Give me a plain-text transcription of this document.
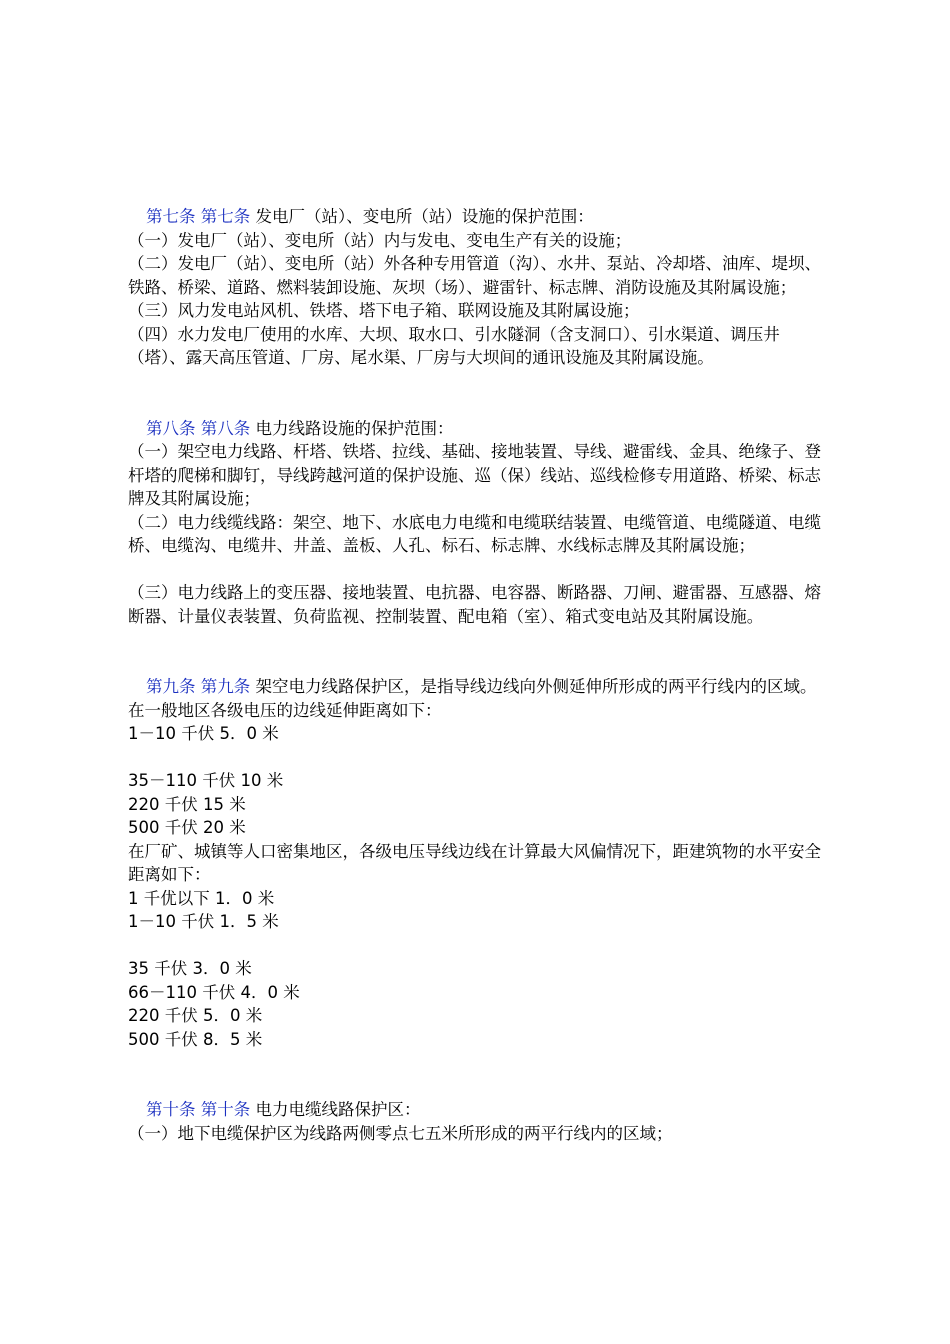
第七条 第七条 发电厂（站）、变电所（站）设施的保护范围：
（一）发电厂（站）、变电所（站）内与发电、变电生产有关的设施；
（二）发电厂（站）、变电所（站）外各种专用管道（沟）、水井、泵站、冷却塔、油库、堤坝、铁路、桥梁、道路、燃料装卸设施、灰坝（场）、避雷针、标志牌、消防设施及其附属设施；
（三）风力发电站风机、铁塔、塔下电子箱、联网设施及其附属设施；
（四）水力发电厂使用的水库、大坝、取水口、引水隧洞（含支洞口）、引水渠道、调压井（塔）、露天高压管道、厂房、尾水渠、厂房与大坝间的通讯设施及其附属设施。
第八条 第八条 电力线路设施的保护范围：
（一）架空电力线路、杆塔、铁塔、拉线、基础、接地装置、导线、避雷线、金具、绝缘子、登杆塔的爬梯和脚钉，导线跨越河道的保护设施、巡（保）线站、巡线检修专用道路、桥梁、标志牌及其附属设施；
（二）电力线缆线路：架空、地下、水底电力电缆和电缆联结装置、电缆管道、电缆隧道、电缆桥、电缆沟、电缆井、井盖、盖板、人孔、标石、标志牌、水线标志牌及其附属设施；
（三）电力线路上的变压器、接地装置、电抗器、电容器、断路器、刀闸、避雷器、互感器、熔断器、计量仪表装置、负荷监视、控制装置、配电箱（室）、箱式变电站及其附属设施。
第九条 第九条 架空电力线路保护区，是指导线边线向外侧延伸所形成的两平行线内的区域。
在一般地区各级电压的边线延伸距离如下：
1－10 千伏 5．0 米
35－110 千伏 10 米
220 千伏 15 米
500 千伏 20 米
在厂矿、城镇等人口密集地区，各级电压导线边线在计算最大风偏情况下，距建筑物的水平安全距离如下：
1 千优以下 1．0 米
1－10 千伏 1．5 米
35 千伏 3．0 米
66－110 千伏 4．0 米
220 千伏 5．0 米
500 千伏 8．5 米
第十条 第十条 电力电缆线路保护区：
（一）地下电缆保护区为线路两侧零点七五米所形成的两平行线内的区域；
